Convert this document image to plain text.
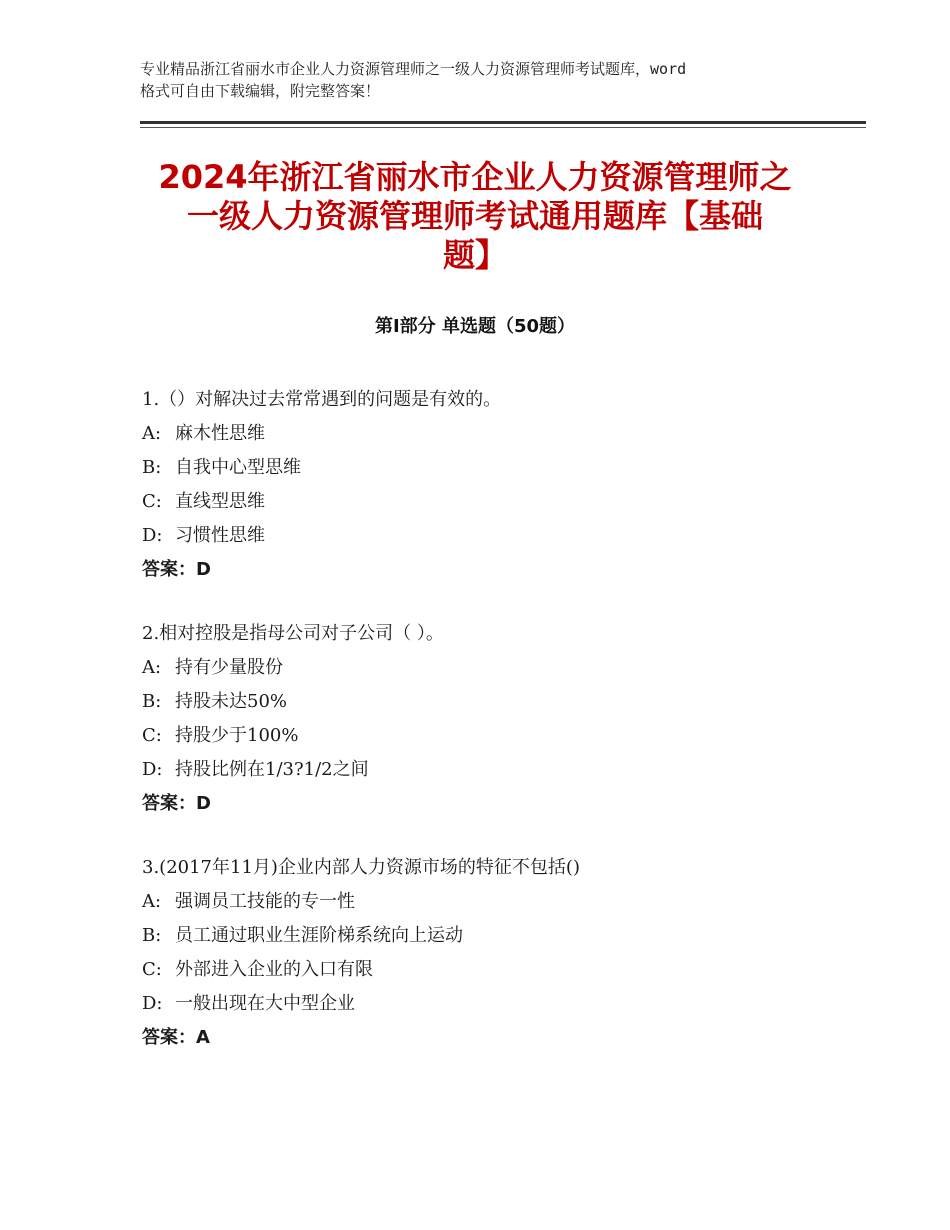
专业精品浙江省丽水市企业人力资源管理师之一级人力资源管理师考试题库，word
格式可自由下载编辑，附完整答案！
2024年浙江省丽水市企业人力资源管理师之
一级人力资源管理师考试通用题库【基础
题】
第Ⅰ部分 单选题（50题）
1.（）对解决过去常常遇到的问题是有效的。
A: 麻木性思维
B: 自我中心型思维
C: 直线型思维
D: 习惯性思维
答案：D
2.相对控股是指母公司对子公司（ ）。
A: 持有少量股份
B: 持股未达50%
C: 持股少于100%
D: 持股比例在1/3?1/2之间
答案：D
3.(2017年11月)企业内部人力资源市场的特征不包括()
A: 强调员工技能的专一性
B: 员工通过职业生涯阶梯系统向上运动
C: 外部进入企业的入口有限
D: 一般出现在大中型企业
答案：A
